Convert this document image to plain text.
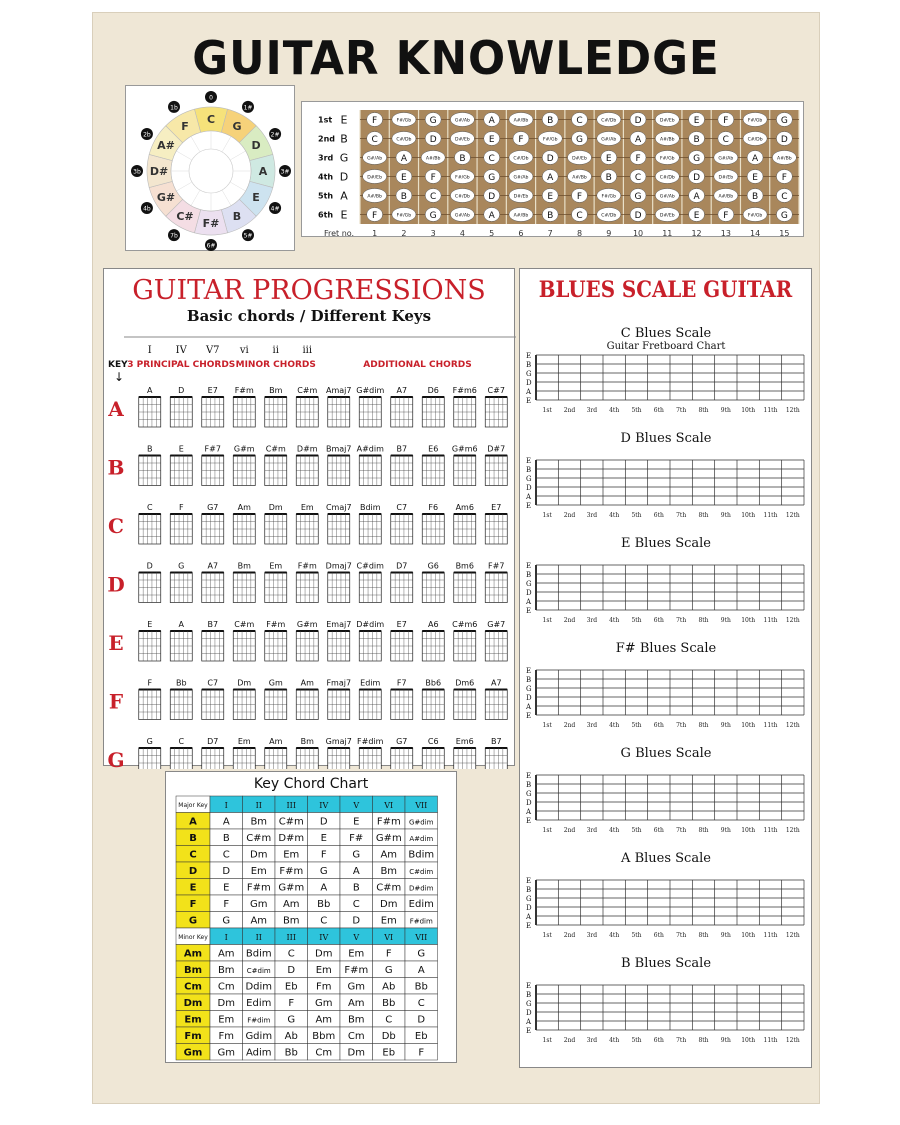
GUITAR KNOWLEDGE
C
0
G
1#
D
2#
A 3#
E
4#
B
5#
F#
6#
C#
7b
G#
4b
D#
3b
A#
2b
F
1b
1st E	F	F#/Gb G	G#/Ab A	A#/Bb B	C	C#/Db D	D#/Eb E	F	F#/Gb G
2nd B	C	C#/Db D	D#/Eb E	F	F#/Gb G	G#/Ab A	A#/Bb B	C	C#/Db D
3rd G	G#/Ab A	A#/Bb B	C	C#/Db D	D#/Eb E	F	F#/Gb G	G#/Ab A	A#/Bb
4th D	D#/Eb E	F	F#/Gb G	G#/Ab A	A#/Bb B	C	C#/Db D	D#/Eb E	F
5th A	A#/Bb B	C	C#/Db D	D#/Eb E	F	F#/Gb G	G#/Ab A	A#/Bb B	C
6th E	F	F#/Gb G	G#/Ab A	A#/Bb B	C	C#/Db D	D#/Eb E	F	F#/Gb G
Fret no. 1	2	3	4	5	6	7	8	9	10 11 12 13 14 15
GUITAR PROGRESSIONS
Basic chords / Different Keys
I IV V7 vi ii iii
3 PRINCIPAL CHORDS MINOR CHORDS	ADDITIONAL CHORDS
KEY
↓
A
A	D	E7 F#m Bm C#m Amaj7 G#dim A7	D6 F#m6 C#7
B
B	E	F#7 G#m C#m D#m Bmaj7 A#dim B7	E6 G#m6 D#7
C
C	F	G7 Am Dm Em Cmaj7 Bdim C7	F6 Am6 E7
D
D	G	A7 Bm Em F#m Dmaj7 C#dim D7	G6 Bm6 F#7
E
E	A	B7 C#m F#m G#m Emaj7 D#dim E7	A6 C#m6 G#7
F
F	Bb	C7 Dm Gm Am Fmaj7 Edim F7 Bb6 Dm6 A7
G
G	C	D7 Em Am Bm Gmaj7 F#dim G7	C6 Em6 B7
BLUES SCALE GUITAR
C Blues Scale
Guitar Fretboard Chart
E
B
G
D
A
E
1st 2nd 3rd 4th 5th 6th 7th 8th 9th 10th 11th 12th
D Blues Scale
E
B
G
D
A
E
1st 2nd 3rd 4th 5th 6th 7th 8th 9th 10th 11th 12th
E Blues Scale
E
B
G
D
A
E
1st 2nd 3rd 4th 5th 6th 7th 8th 9th 10th 11th 12th
F# Blues Scale
E
B
G
D
A
E
1st 2nd 3rd 4th 5th 6th 7th 8th 9th 10th 11th 12th
G Blues Scale
E
B
G
D
A
E
1st 2nd 3rd 4th 5th 6th 7th 8th 9th 10th 11th 12th
A Blues Scale
E
B
G
D
A
E
1st 2nd 3rd 4th 5th 6th 7th 8th 9th 10th 11th 12th
B Blues Scale
E
B
G
D
A
E
1st 2nd 3rd 4th 5th 6th 7th 8th 9th 10th 11th 12th
Key Chord Chart
Major Key I	II	III	IV	V	VI	VII
A	A Bm C#m D	E F#m G#dim
B	B C#m D#m E F# G#m A#dim
C	C Dm Em F	G Am Bdim
D	D Em F#m G	A Bm C#dim
E	E F#m G#m A	B C#m D#dim
F	F Gm Am Bb C Dm Edim
G	G Am Bm C	D Em F#dim
Minor Key I	II	III	IV	V	VI	VII
Am Am Bdim C Dm Em F	G
Bm Bm C#dim D Em F#m G	A
Cm Cm Ddim Eb Fm Gm Ab Bb
Dm Dm Edim F Gm Am Bb C
Em Em F#dim G Am Bm C	D
Fm Fm Gdim Ab Bbm Cm Db Eb
Gm Gm Adim Bb Cm Dm Eb F
